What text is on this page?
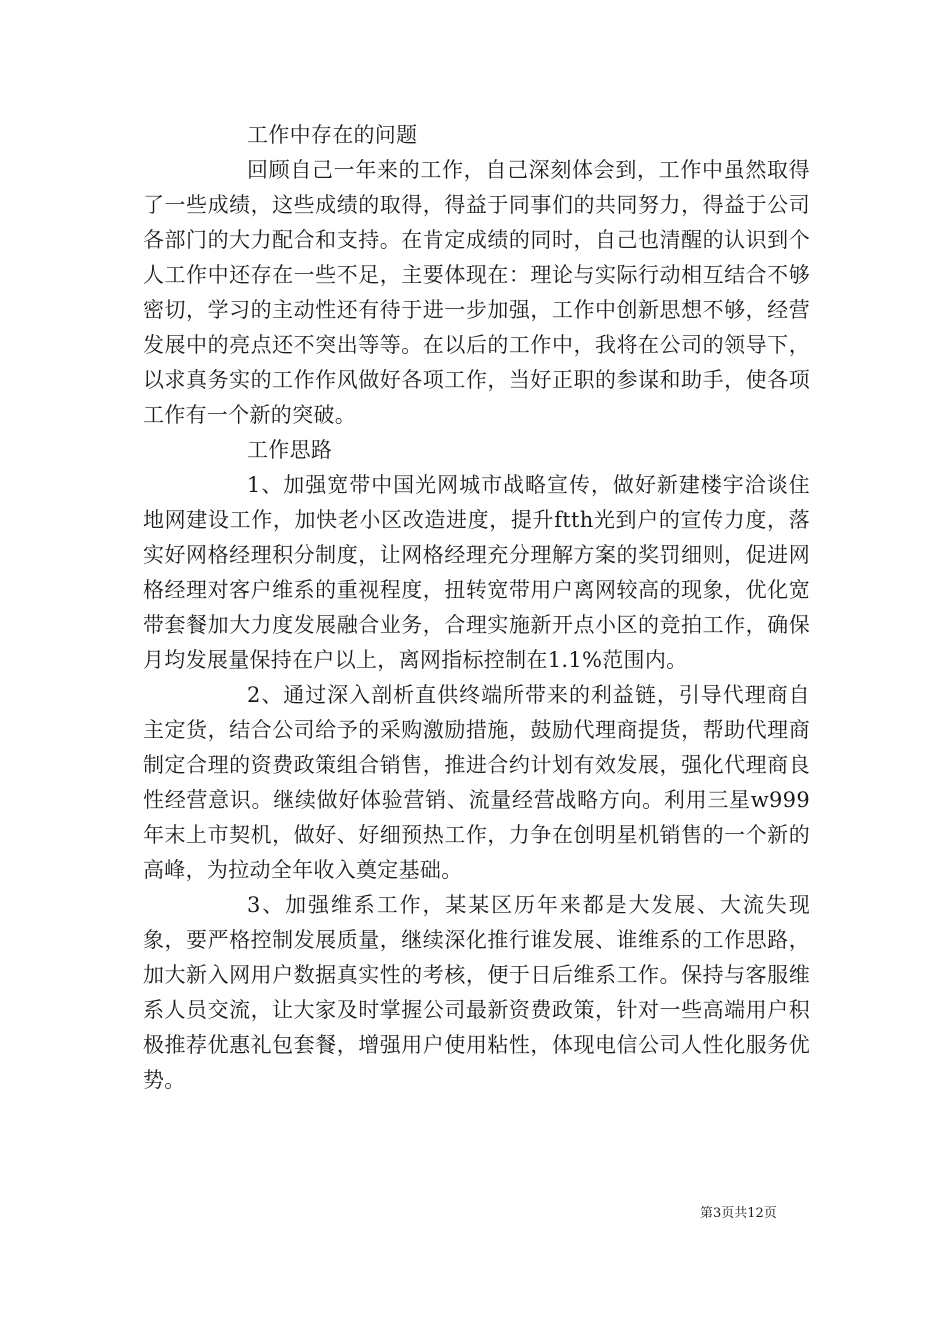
工作中存在的问题

回顾自己一年来的工作，自己深刻体会到，工作中虽然取得了一些成绩，这些成绩的取得，得益于同事们的共同努力，得益于公司各部门的大力配合和支持。在肯定成绩的同时，自己也清醒的认识到个人工作中还存在一些不足，主要体现在：理论与实际行动相互结合不够密切，学习的主动性还有待于进一步加强，工作中创新思想不够，经营发展中的亮点还不突出等等。在以后的工作中，我将在公司的领导下，以求真务实的工作作风做好各项工作，当好正职的参谋和助手，使各项工作有一个新的突破。

工作思路

1、加强宽带中国光网城市战略宣传，做好新建楼宇洽谈住地网建设工作，加快老小区改造进度，提升ftth光到户的宣传力度，落实好网格经理积分制度，让网格经理充分理解方案的奖罚细则，促进网格经理对客户维系的重视程度，扭转宽带用户离网较高的现象，优化宽带套餐加大力度发展融合业务，合理实施新开点小区的竞拍工作，确保月均发展量保持在户以上，离网指标控制在1.1%范围内。

2、通过深入剖析直供终端所带来的利益链，引导代理商自主定货，结合公司给予的采购激励措施，鼓励代理商提货，帮助代理商制定合理的资费政策组合销售，推进合约计划有效发展，强化代理商良性经营意识。继续做好体验营销、流量经营战略方向。利用三星w999年末上市契机，做好、好细预热工作，力争在创明星机销售的一个新的高峰，为拉动全年收入奠定基础。

3、加强维系工作，某某区历年来都是大发展、大流失现象，要严格控制发展质量，继续深化推行谁发展、谁维系的工作思路，加大新入网用户数据真实性的考核，便于日后维系工作。保持与客服维系人员交流，让大家及时掌握公司最新资费政策，针对一些高端用户积极推荐优惠礼包套餐，增强用户使用粘性，体现电信公司人性化服务优势。

第3页共12页
